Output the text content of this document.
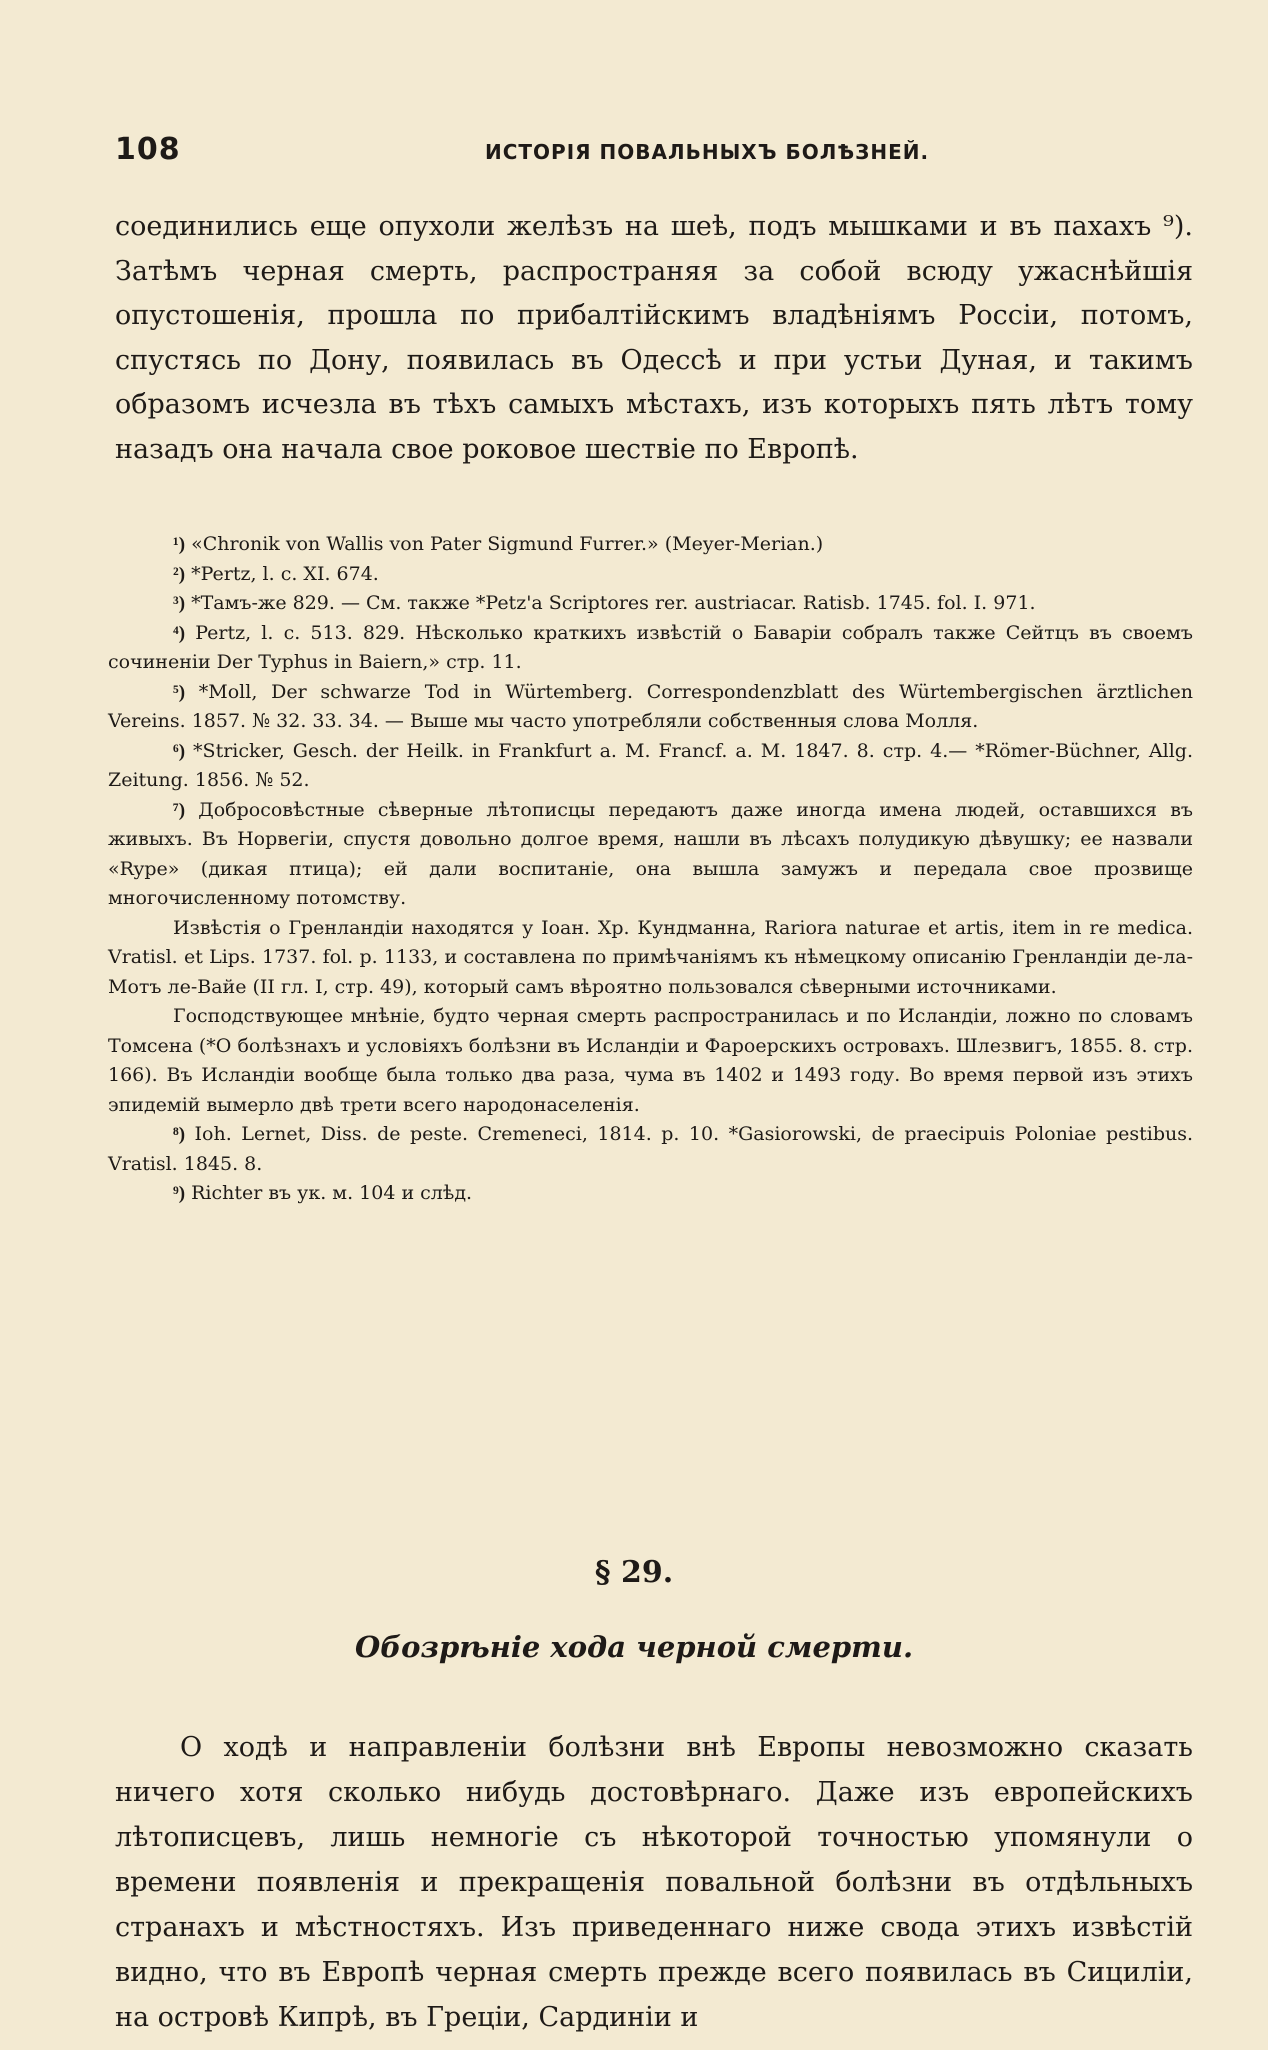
108	ИСТОРІЯ ПОВАЛЬНЫХЪ БОЛѢЗНЕЙ.

соединились еще опухоли желѣзъ на шеѣ, подъ мышками и въ пахахъ ⁹). Затѣмъ черная смерть, распространяя за собой всюду ужаснѣйшія опустошенія, прошла по прибалтійскимъ владѣніямъ Россіи, потомъ, спустясь по Дону, появилась въ Одессѣ и при устьи Дуная, и такимъ образомъ исчезла въ тѣхъ самыхъ мѣстахъ, изъ которыхъ пять лѣтъ тому назадъ она начала свое роковое шествіе по Европѣ.

¹) «Chronik von Wallis von Pater Sigmund Furrer.» (Meyer-Merian.)

²) *Pertz, l. c. XI. 674.

³) *Тамъ-же 829. — См. также *Petz'a Scriptores rer. austriacar. Ratisb. 1745. fol. I. 971.

⁴) Pertz, l. c. 513. 829. Нѣсколько краткихъ извѣстій о Баваріи собралъ также Сейтцъ въ своемъ сочиненіи Der Typhus in Baiern,» стр. 11.

⁵) *Moll, Der schwarze Tod in Würtemberg. Correspondenzblatt des Würtembergischen ärztlichen Vereins. 1857. № 32. 33. 34. — Выше мы часто употребляли собственныя слова Молля.

⁶) *Stricker, Gesch. der Heilk. in Frankfurt a. M. Francf. a. M. 1847. 8. стр. 4.— *Römer-Büchner, Allg. Zeitung. 1856. № 52.

⁷) Добросовѣстные сѣверные лѣтописцы передаютъ даже иногда имена людей, оставшихся въ живыхъ. Въ Норвегіи, спустя довольно долгое время, нашли въ лѣсахъ полудикую дѣвушку; ее назвали «Rype» (дикая птица); ей дали воспитаніе, она вышла замужъ и передала свое прозвище многочисленному потомству.

Извѣстія о Гренландіи находятся у Іоан. Хр. Кундманна, Rariora naturae et artis, item in re medica. Vratisl. et Lips. 1737. fol. p. 1133, и составлена по примѣчаніямъ къ нѣмецкому описанію Гренландіи де-ла-Мотъ ле-Вайе (II гл. I, стр. 49), который самъ вѣроятно пользовался сѣверными источниками.

Господствующее мнѣніе, будто черная смерть распространилась и по Исландіи, ложно по словамъ Томсена (*О болѣзнахъ и условіяхъ болѣзни въ Исландіи и Фароерскихъ островахъ. Шлезвигъ, 1855. 8. стр. 166). Въ Исландіи вообще была только два раза, чума въ 1402 и 1493 году. Во время первой изъ этихъ эпидемій вымерло двѣ трети всего народонаселенія.

⁸) Ioh. Lernet, Diss. de peste. Cremeneci, 1814. p. 10. *Gasiorowski, de praecipuis Poloniae pestibus. Vratisl. 1845. 8.

⁹) Richter въ ук. м. 104 и слѣд.

§ 29.
Обозрѣніе хода черной смерти.

О ходѣ и направленіи болѣзни внѣ Европы невозможно сказать ничего хотя сколько нибудь достовѣрнаго. Даже изъ европейскихъ лѣтописцевъ, лишь немногіе съ нѣкоторой точностью упомянули о времени появленія и прекращенія повальной болѣзни въ отдѣльныхъ странахъ и мѣстностяхъ. Изъ приведеннаго ниже свода этихъ извѣстій видно, что въ Европѣ черная смерть прежде всего появилась въ Сициліи, на островѣ Кипрѣ, въ Греціи, Сардиніи и
